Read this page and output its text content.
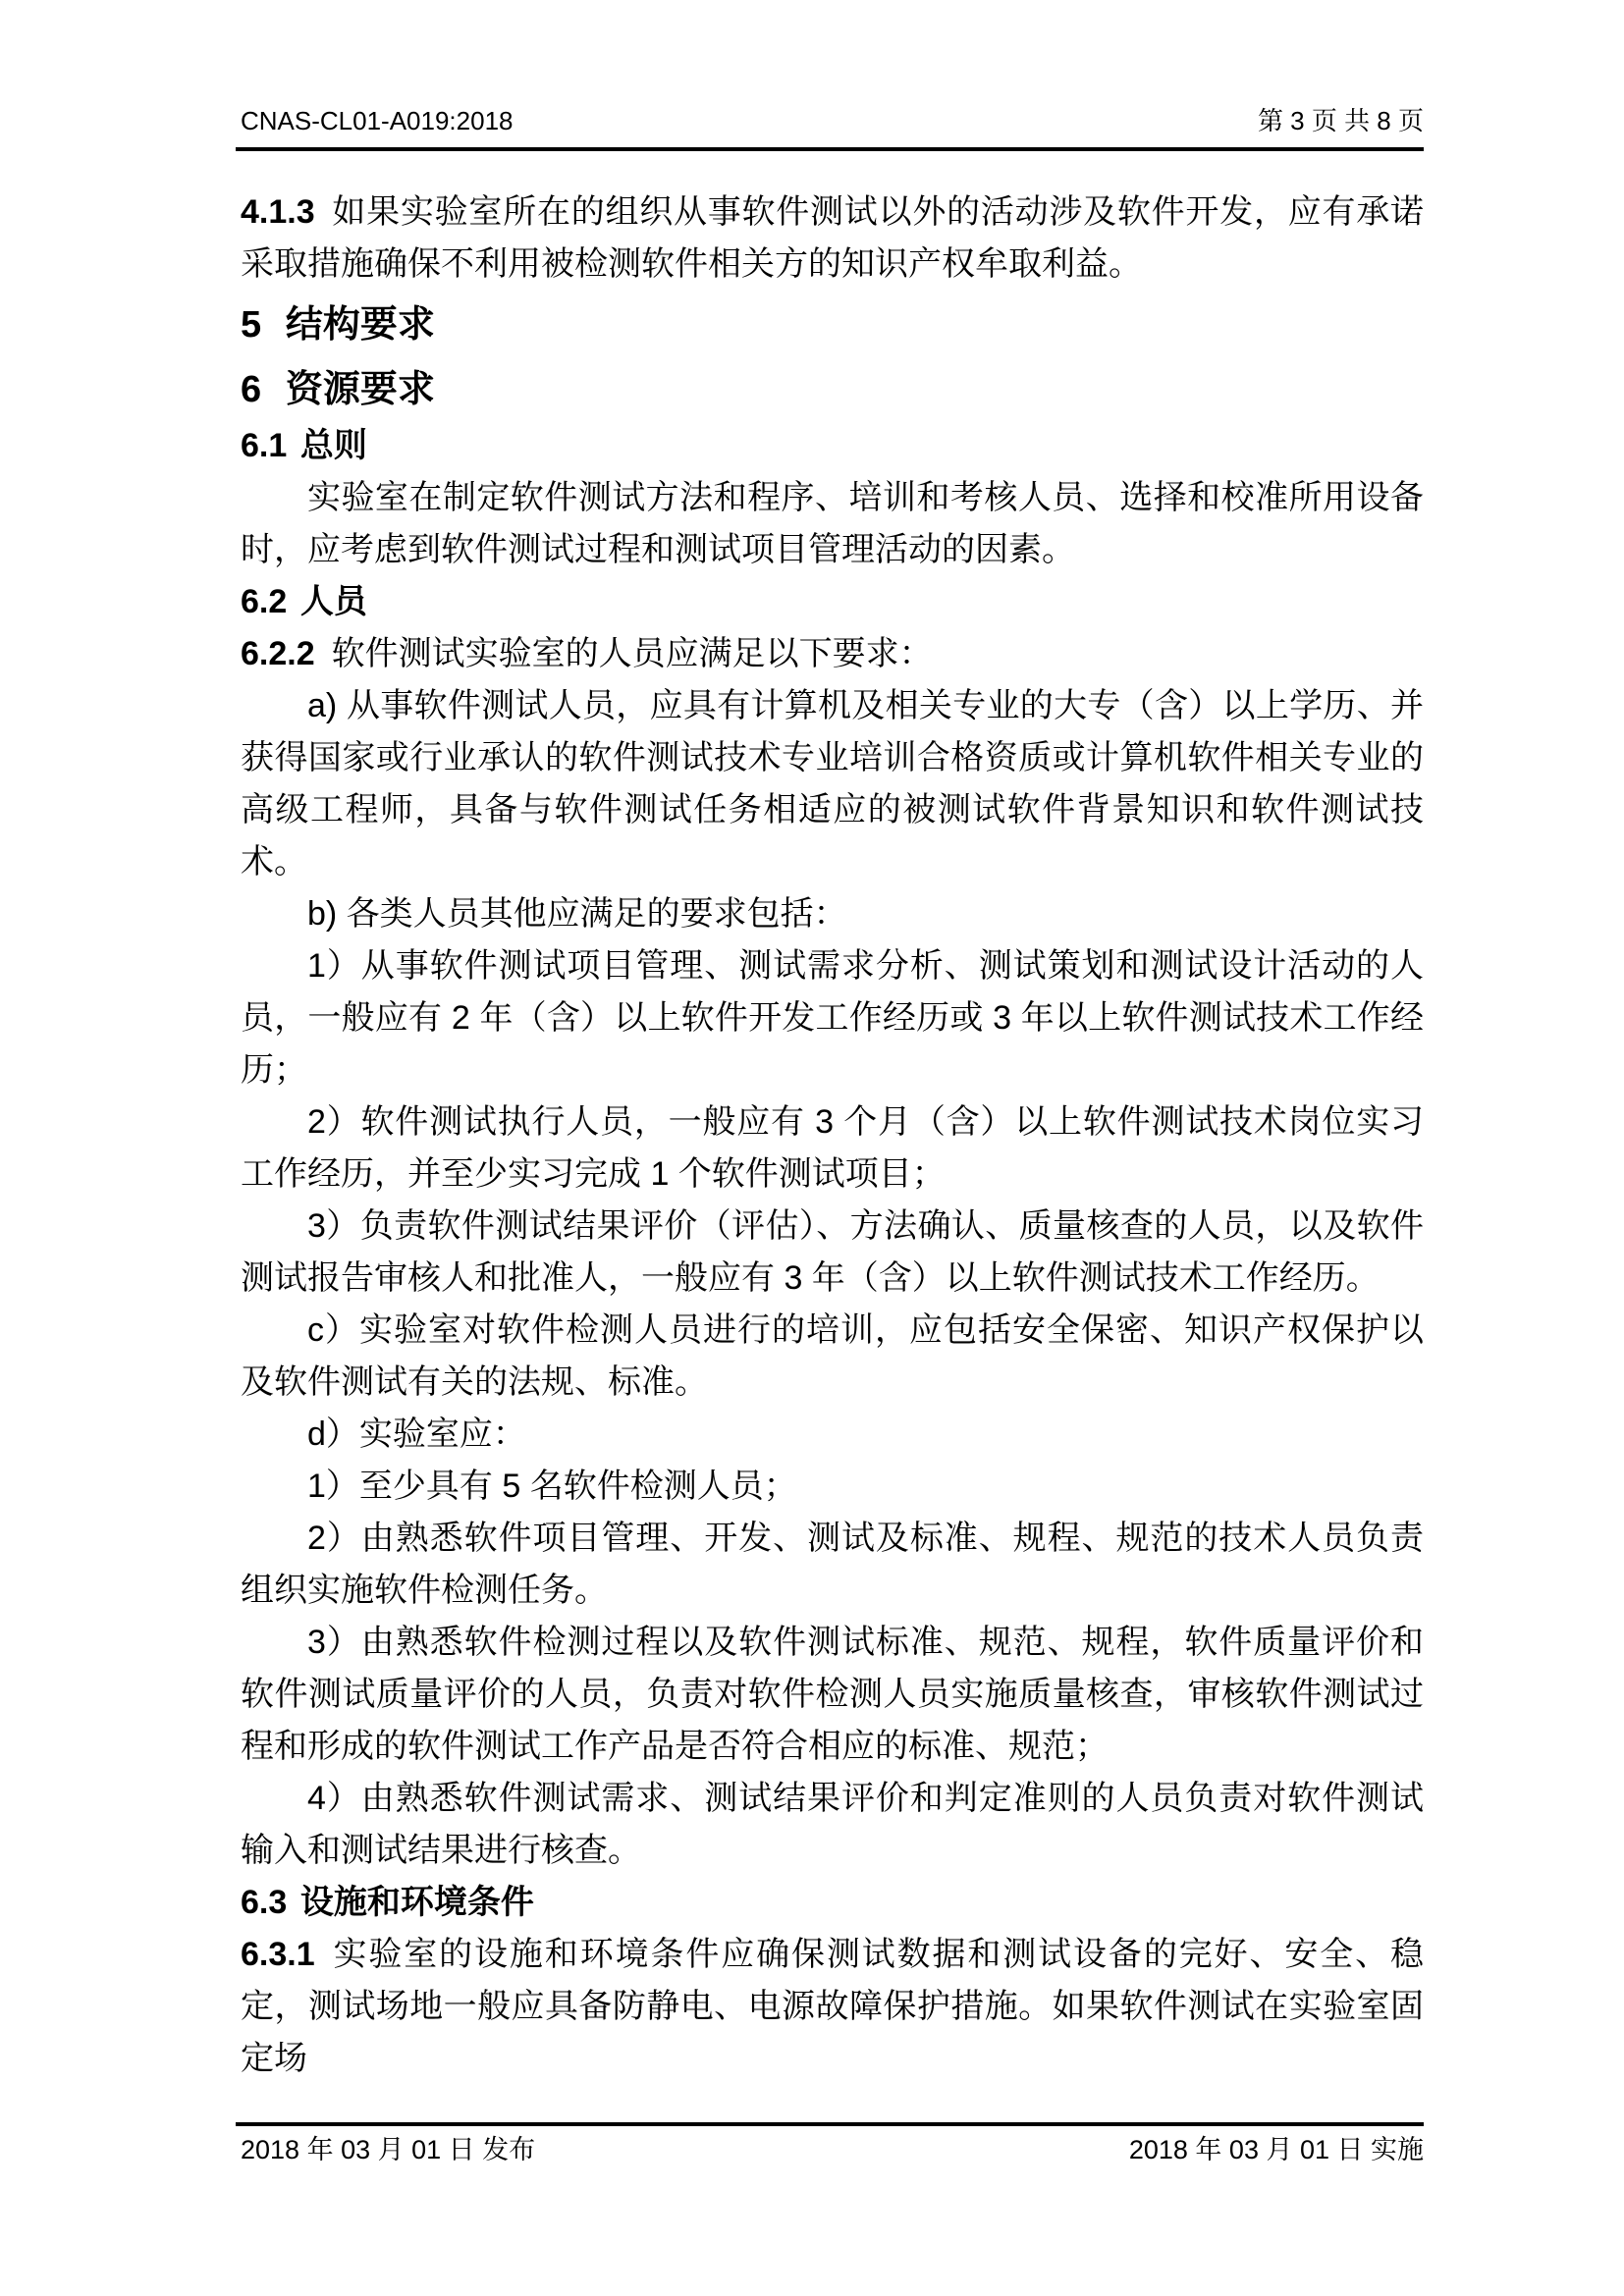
CNAS-CL01-A019:2018	第 3 页 共 8 页

4.1.3 如果实验室所在的组织从事软件测试以外的活动涉及软件开发，应有承诺采取措施确保不利用被检测软件相关方的知识产权牟取利益。

5 结构要求

6 资源要求

6.1 总则

实验室在制定软件测试方法和程序、培训和考核人员、选择和校准所用设备时，应考虑到软件测试过程和测试项目管理活动的因素。

6.2 人员

6.2.2 软件测试实验室的人员应满足以下要求：

a) 从事软件测试人员，应具有计算机及相关专业的大专（含）以上学历、并获得国家或行业承认的软件测试技术专业培训合格资质或计算机软件相关专业的高级工程师，具备与软件测试任务相适应的被测试软件背景知识和软件测试技术。

b) 各类人员其他应满足的要求包括：

1）从事软件测试项目管理、测试需求分析、测试策划和测试设计活动的人员，一般应有 2 年（含）以上软件开发工作经历或 3 年以上软件测试技术工作经历；

2）软件测试执行人员，一般应有 3 个月（含）以上软件测试技术岗位实习工作经历，并至少实习完成 1 个软件测试项目；

3）负责软件测试结果评价（评估）、方法确认、质量核查的人员，以及软件测试报告审核人和批准人，一般应有 3 年（含）以上软件测试技术工作经历。

c）实验室对软件检测人员进行的培训，应包括安全保密、知识产权保护以及软件测试有关的法规、标准。

d）实验室应：

1）至少具有 5 名软件检测人员；

2）由熟悉软件项目管理、开发、测试及标准、规程、规范的技术人员负责组织实施软件检测任务。

3）由熟悉软件检测过程以及软件测试标准、规范、规程，软件质量评价和软件测试质量评价的人员，负责对软件检测人员实施质量核查，审核软件测试过程和形成的软件测试工作产品是否符合相应的标准、规范；

4）由熟悉软件测试需求、测试结果评价和判定准则的人员负责对软件测试输入和测试结果进行核查。

6.3 设施和环境条件

6.3.1 实验室的设施和环境条件应确保测试数据和测试设备的完好、安全、稳定，测试场地一般应具备防静电、电源故障保护措施。如果软件测试在实验室固定场

2018 年 03 月 01 日 发布	2018 年 03 月 01 日 实施
